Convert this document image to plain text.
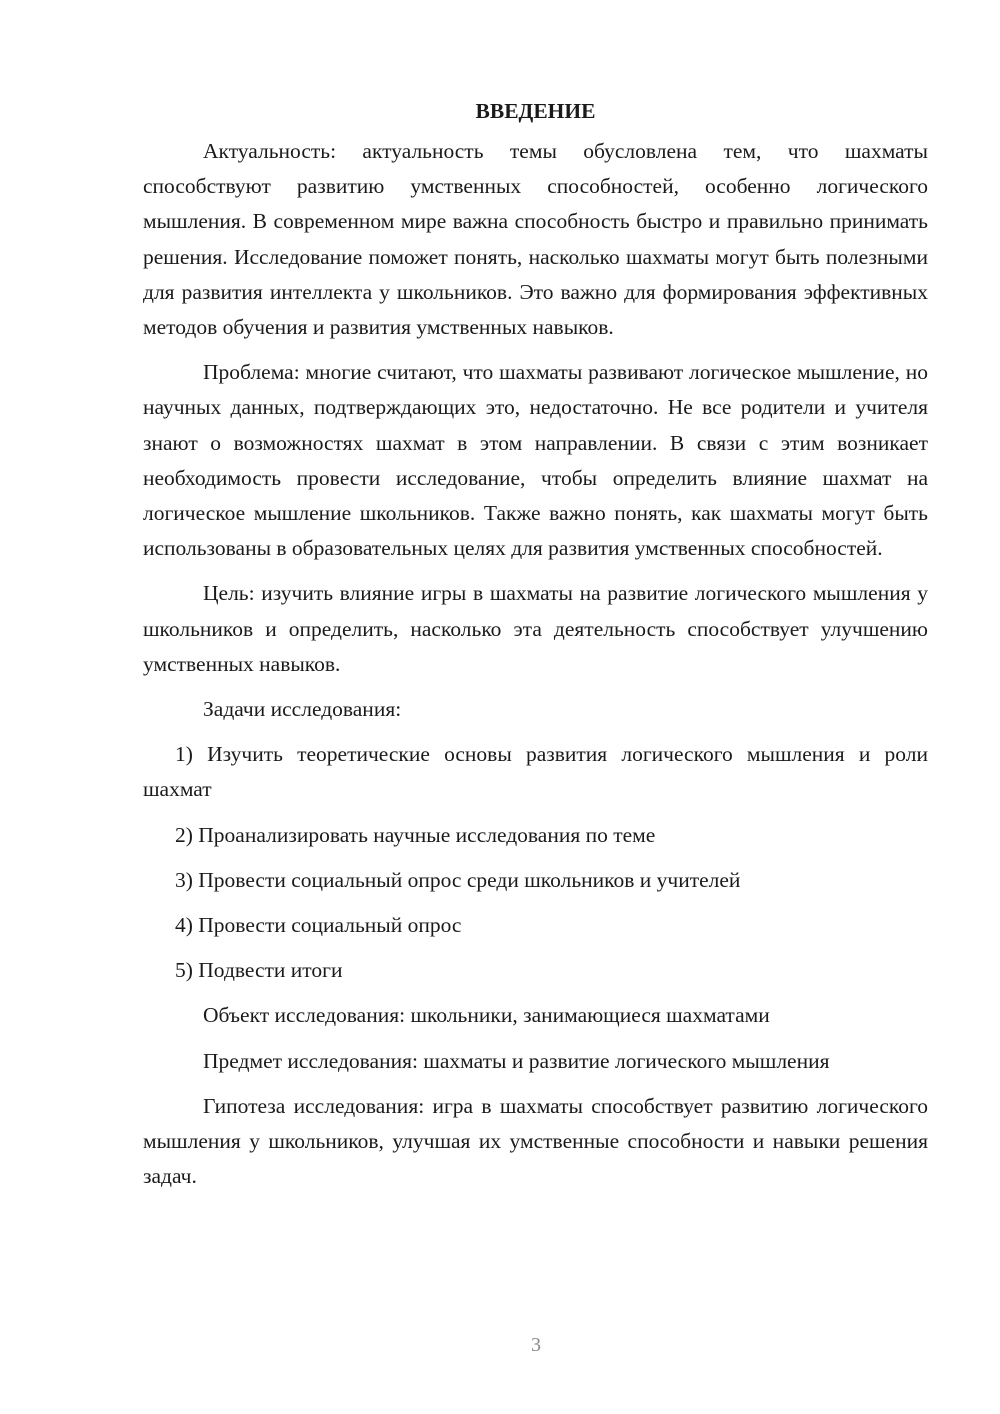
ВВЕДЕНИЕ

Актуальность: актуальность темы обусловлена тем, что шахматы способствуют развитию умственных способностей, особенно логического мышления. В современном мире важна способность быстро и правильно принимать решения. Исследование поможет понять, насколько шахматы могут быть полезными для развития интеллекта у школьников. Это важно для формирования эффективных методов обучения и развития умственных навыков.

Проблема: многие считают, что шахматы развивают логическое мышление, но научных данных, подтверждающих это, недостаточно. Не все родители и учителя знают о возможностях шахмат в этом направлении. В связи с этим возникает необходимость провести исследование, чтобы определить влияние шахмат на логическое мышление школьников. Также важно понять, как шахматы могут быть использованы в образовательных целях для развития умственных способностей.

Цель: изучить влияние игры в шахматы на развитие логического мышления у школьников и определить, насколько эта деятельность способствует улучшению умственных навыков.

Задачи исследования:

1) Изучить теоретические основы развития логического мышления и роли шахмат

2) Проанализировать научные исследования по теме

3) Провести социальный опрос среди школьников и учителей

4) Провести социальный опрос

5) Подвести итоги

Объект исследования: школьники, занимающиеся шахматами

Предмет исследования: шахматы и развитие логического мышления

Гипотеза исследования: игра в шахматы способствует развитию логического мышления у школьников, улучшая их умственные способности и навыки решения задач.

3
